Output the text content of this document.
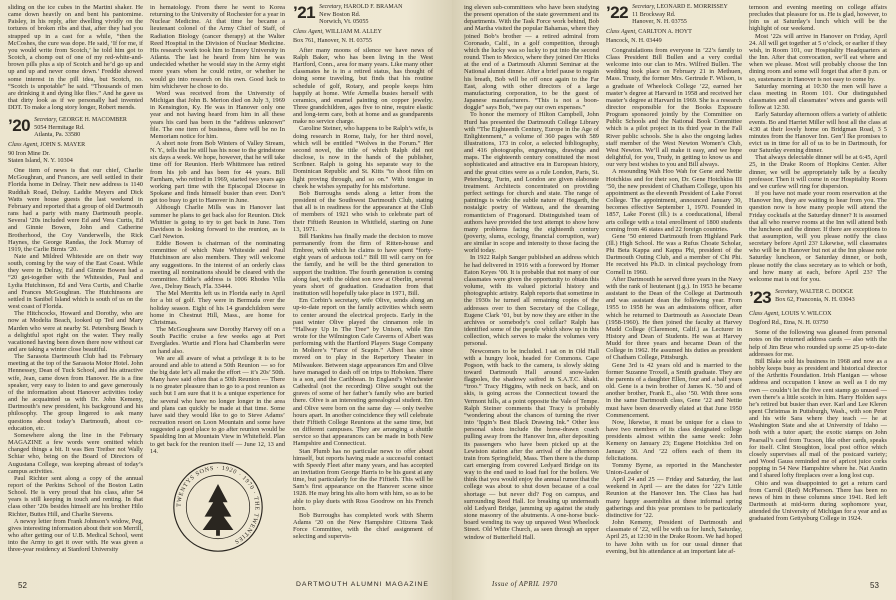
sliding on the ice cubes in the Martini shaker. He came down heavily on and bent his pantomime. Paisley, in his reply, after dwelling vividly on the tortures of broken ribs and that, after they had you strapped up in a cast for a while, “then the McCoshes, the cure was dope. He said, ‘If for me, if you would write from Scotch,’ he told him got to Scotch, a chomp out of one of my red-white-and-brown pills plus a sip of Scotch and he’d go up and up and up and never come down.’ Freddie showed some interest in the pill idea, but Scotch, no. “Scotch is unpotable” he said. “Thousands of men are drinking it and dying like flies.” And he gave us that dirty look as if we personally had invented DDT. To make a long story longer, Robert mends.

’20 Secretary, GEORGE H. MACOMBER
5054 Hermitage Rd.
Atlanta, Pa. 33580
Class Agent, JOHN S. MAYER
90 Iron Mine Dr.
Staten Island, N. Y. 10304

One item of news is that our chief, Charlie McGoughran, and Frances, are well settled in their Florida home in Delray. Their new address is 1140 Ruddiah Road, Delray. Laddie Meyers and Dick Watts were house guests the last weekend in February and reported that a group of old Dartmouth rans had a party with many Dartmouth people. Several ’20s included were Ed and Vera Curtis, Ed and Ginnie Bowen, John and Catherine Brotherhood, the Coy Vanderwells, the Rick Haynes, the George Randas, the Jock Murray of 1919, the Carlie Birnts ’20.

Nate and Mildred Whiteside are on their way south, coming by the way of the East Coast. While they were in Delray, Ed and Ginnie Bowen had a “20 get-together with the Whitesides, Paul and Lydia Hutchinson, Ed and Vera Curtis, and Charlie and Frances McGoughran. The Hutchinsons are settled in Sanibel Island which is south of us on the west coast of Florida.

The Hitchcocks, Howard and Dorothy, who are now at Modelta Beach, looked up Ted and Mary Marden who were at nearby St. Petersburg Beach is a delightful spot right on the water. They really vacationed having been down there now without car and are taking a winter close beautiful.

The Sarasota Dartmouth Club had its February meeting at the top of the Sarasota Motor Hotel. John Hennessey, Dean of Tuck School, and his attractive wife, Jean, came down from Hanover. He is a fine speaker, very easy to listen to and gave generously of the information about Hanover activities today and he acquainted us with Dr. John Kemeny, Dartmouth’s new president, his background and his philosophy. The group lingered to ask many questions about today’s Dartmouth, about co-education, etc.

Somewhere along the line in the February MAGAZINE a few words were omitted which changed things a bit. It was Ben Treiber not Wally Schiar who, being on the Board of Directors of Augustana College, was keeping abreast of today’s campus activities.

Paul Richter sent along a copy of the annual report of the Perkins School of the Boston Latin School. He is very proud that his class, after 54 years is still keeping in touch and renting. In that class other ’20s besides himself are his brother Hilo Richter, Buttes Hill, and Charlie Stevens.

A newsy letter from Frank Johnson’s widow, Peg, gives interesting information about their son Merrill, who after getting our of U.B. Medical School, went into the Army to get it over with. He was given a three-year residency at Stanford University

in hematology. From there he went to Korea returning to the University of Rochester for a year in Nuclear Medicine. At that time he became a lieutenant colonel of the Army Chief of Staff, of Radiation Biology (cancer therapy) at the Walter Reed Hospital in the Division of Nuclear Medicine. His research work took him to Emory University in Atlanta. The last he heard from him he was undecided whether he would stay in the Army eight more years when he could retire, or whether he would go into research on his own. Good luck to him whichever he chose to do.

Word was received from the University of Michigan that John B. Merion died on July 3, 1969 in Kensington, Ky. He was in Hanover only one year and not having heard from him in all these years his card has been in the “address unknown” file. The one item of business, there will be no In Memoriam notice for him.

A short note from Bob Winters of Valley Stream, N. Y., tells that he still has his nose to the grindstone six days a week. We hope, however, that he will take time off for Reunion. Herb Whittmore has retired from his job and has been for 44 years. Bill Farnham, who retired in 1969, started two years ago working part time with the Episcopal Diocese in Spokane and finds himself busier than ever. Don’t get too busy to get to Hanover in June.

Although Charlie Mills was in Hanover last summer he plans to get back also for Reunion. Dick Whittier is going to try to get back in June. Tom Davidson is looking forward to the reunion, as is Carl Newton.

Eddie Bowen is chairman of the nominating committee of which Nate Whiteside and Paul Hutchinson are also members. They will welcome any suggestions. In the interest of an orderly class meeting all nominations should be cleared with the committee. Eddie’s address is 1006 Rhodes Villa Ave., Delray Beach, Fla. 33444.

The Mel Merritts left us in Florida early in April for a bit of golf. They were in Bermuda over the holiday season. Eight of his 14 grandchildren were home in Chestnut Hill, Mass., are home for Christmas.

The McGougheans saw Dorothy Harvey off on a South Pacific cruise a few weeks ago at Port Everglades. Wurtie and Flora had Chamberlin were on hand also.

We are all aware of what a privilege it is to be around and able to attend a 50th Reunion — so for the big date let’s all make the effort — it’s 20s’ 50th. Many have said often that a 50th Reunion — There is no greater pleasure than to go to a post reunion as such but I am sure that it is a unique experience for the several who have no longer longer in the area and plans can quickly be made at that time. Some have said they would like to go to Steve Adams’ recreation resort on Loon Mountain and some have suggested a good place to go after reunion would be Spaulding Inn at Mountain View in Whitefield. Plan to get back for the reunion itself — June 12, 13 and 14.

TWENTYS SONS · 1920 · 1970 · THE TWENTIES
’21 Secretary, HAROLD F. BRAMAN
New Boston Rd.
Norwich, Vt. 05055
Class Agent, WILLIAM M. ALLEY
Box 761, Hanover, N. H. 03755

After many moons of silence we have news of Ralph Baker, who has been living in the West Hartford, Conn., area for many years. Like many other classmates he is in a retired status, has thought of doing some traveling, but finds that his routine schedule of golf, Rotary, and people keeps him happily at home. Wife Armella busies herself with ceramics, and enamel painting on copper jewelry. Three grandchildren, ages five to nine, require elastic and long-term care, both at home and as grandparents make no service charge.

Caroline Steiner, who happens to be Ralph’s wife, is doing research in Rome, Italy, for her third novel, which will be entitled “Wolves in the Forum.” Her second novel, the title of which Ralph did not disclose, is now in the hands of the publisher, Scribner. Ralph is going his separate way to the Dominican Republic and St. Kitts “to shoot film on light proving through, and so on.” With tongue in cheek he wishes sympathy for his misfortune.

Bob Burroughs sends along a letter from the president of the Southwest Dartmouth Club, stating that all is in readiness for the appearance at the Club of members of 1921 who wish to celebrate part of their Fiftieth Reunion in Whitfield, starting on June 13, 1971.

Bill Hankins has finally made the decision to move permanently from the firm of Ritten-house and Embree, with which he claims to have spent “forty-eight years of arduous toil.” Bill III will carry on for the family, and he will be the third generation to support the tradition. The fourth generation is coming along fast, with the oldest son now at Oberlin, several years short of graduation. Graduation from that institution will hopefully take place in 1971, Bill.

Em Corbin’s secretary, wife Olive, sends along an up-to-date report on the family activities which seem to center around the electrical projects. Early in the past winter Olive played the cinnamon role in “Hallway Up In The Tree” by Unison, while Em wrote for the Wilmington Cafe Caverns of Albert was performing with the Hartford Players Stage Company in Moliere’s “Farce of Scapin.” Albert has since moved on to play in the Repertory Theater in Milwaukee. Between stage appearances Em and Olive have managed to dash off on trips to Hoboken. There is a son, and the Caribbean. In England’s Winchester Cathedral (not the recording) Olive sought out the graves of some of her father’s family who are buried there. Olive is an interesting genealogical student. Em and Olive were born on the same day — only twelve hours apart. In another coincidence they will celebrate their Fiftieth College Reunions at the same time, but on different campuses. They are arranging a shuttle service so that appearances can be made in both New Hampshire and Connecticut.

Stan Plumb has no particular news to offer about himself, but reports having made a successful contact with Speedy Fleet after many years, and has accepted an invitation from George Harris to be his guest at any time, but particularly for the the Fiftieth. This will be Sam’s first appearance on the Hanover scene since 1928. He may bring his alto horn with him, so as to be able to play duets with Ross Goodrow on his French horn.

Bob Burroughs has completed work with Sherm Adams ’20 on the New Hampshire Citizens Task Force Committee, with the chief assignment of selecting and supervis-

52	DARTMOUTH ALUMNI MAGAZINE

ing eleven sub-committees who have been studying the present operation of the state government and its departments. With the Task Force work behind, Bob and Martha visited the popular Bahamas, where they joined Bob’s brother — a retired admiral from Coronado, Calif., in a golf competition, through which the lucky was so lucky to put into the second round. Then to Mexico, where they joined Orr Hicks at the end of a Dartmouth Alumni Seminar at the National alumni dinner. After a brief pause to regain his breath, Bob will be off once again to the Far East, along with other directors of a large manufacturing corporation, to be the guest of Japanese manufacturers. “This is not a boon-doggle” says Bob, “we pay our own expenses.”

To honor the memory of Hilton Campbell, John Hurd has presented the Dartmouth College Library with “The Eighteenth Century, Europe in the Age of Enlightenment,” a volume of 360 pages with 589 illustrations, 173 in color, a selected bibliography, and 416 photographs, engravings, drawings and maps. The eighteenth century constituted the most sophisticated and attractive era in European history, and the great cities were as a rule London, Paris, St. Petersburg, Turin, and London are given elaborate treatment. Architects concentrated on providing perfect settings for church and state. The range of paintings is wide: the subtle nature of Hogarth, the nostalgic poetry of Watteau, and the dreaming romanticism of Fragonard. Distinguished team of authors have provided the text attempt to show how many problems facing the eighteenth century (poverty, slums, ecology, financial corruption, war) are similar in scope and intensity to those facing the world today.

In 1922 Ralph Sanger published an address which he had delivered in 1916 with a foreword by Homer Eaton Keyes ’00. It is probable that not many of our classmates were given the opportunity to obtain this volume, with its valued pictorial history and photographic artistry. Ralph reports that sometime in the 1930s he turned all remaining copies of the addresses over to then Secretary of the College, Eugene Clark ’01, but by now they are either in the archives or somebody’s cool cellar? Ralph has identified some of the people which show up in this collection, which serves to make the volumes very personal.

Newcomers to be included. I sat on in Old Hall with a hungry look, headed for Commons. Cape Pogson, with back to the camera, is slowly skiing toward Dartmouth Hall around snow-laden flagpoles, the shadowy ssifred in S.A.T.C. khaki. “troo.” Tracy Higgins, with neck on back, and on skis, is going across the Connecticut toward the Vermont hills, at a point opposite the Vale of Tempe. Ralph Steiner comments that Tracy is probably “wondering about the chances of turning the river into ‘Ipgin’s Best Black Drawing Ink.” Other less personal shots include the horse-drawn coach pulling away from the Hanover Inn, after depositing its passengers who have been picked up at the Lewiston station after the arrival of the afternoon train from Springfield, Mass. Then there is the dump cart emerging from covered Ledyard Bridge on its way to the end used to load fuel for the boilers. We think that you would enjoy the annual rumor that the college was about to shut down because of a coal shortage — but never did? Fog on campus, and surrounding Reed Hall. Ice breaking up underneath old Ledyard Bridge, jamming up against the study stone masonry of the abutments. A one-horse buck-board wending its way up unpaved West Wheelock Street. Old White Church, as seen through an upper window of Butterfield Hall.

’22 Secretary, LEONARD E. MORRISSEY
11 Brockway Rd.
Hanover, N. H. 03755
Class Agent, CARLTON A. HOYT
Hancock, N. H. 03449

Congratulations from everyone in ’22’s family to Class President Bill Bullen and a very cordial welcome into our clan to Mrs. Wilfred Bullen. The wedding took place on February 21 in Methuen, Mass. Trusty, the former Mrs. Gertrude F. Wilson, is a graduate of Wheelock College ’22, earned her master’s degree at Harvard in 1958 and received her master’s degree at Harvard in 1969. She is a research director responsible for the Books Exposure Program sponsored jointly by the Committee on Public Schools and the National Book Committee which is a pilot project in its third year in the Fall River public schools. She is also the ongoing ladies staff member of the West Newton Women’s Club, West Newton. We’ll all make it easy, and we hope delightful, for you, Trudy, in getting to know us and our very best wishes to you and Bill always.

A resounding Wah Hoo Wah for Gene and Nettie Hotchkiss and for their son, Dr. Gene Hotchkiss III ’50, the new president of Chatham College, upon his appointment as the eleventh President of Lake Forest College. The appointment, announced January 30, becomes effective September 1, 1970. Founded in 1857, Lake Forest (Ill.) is a coeducational, liberal arts college with a total enrollment of 1800 students coming from 46 states and 22 foreign countries.

Gene ’50 entered Dartmouth from Highland Park (Ill.) High School. He was a Rufus Choate Scholar, Phi Beta Kappa and Kappa Phi, president of the Dartmouth Outing Club, and a member of Chi Phi. He received his Ph.D. in clinical psychology from Cornell in 1960.

After Dartmouth he served three years in the Navy with the rank of lieutenant (j.g.). In 1953 he became assistant to the Dean of the College at Dartmouth and was assistant dean the following year. From 1955 to 1958 he was an admissions officer, after which he returned to Dartmouth as Associate Dean (1958-1960). He then joined the faculty at Harvey Mudd College (Claremont, Calif.) as Lecturer in History and Dean of Students. He was at Harvey Mudd for three years and became Dean of the College in 1962. He assumed his duties as president of Chatham College, Pittsburgh.

Gene 3rd is 42 years old and is married to the former Suzanne Troxell, a Smith graduate. They are the parents of a daughter Ellen, four and a half years old. Gene is a twin brother of James K. ’50 and of another brother, Frank E., also ’50. With three sons in the same Dartmouth class, Gene ’22 and Nettie must have been deservedly elated at that June 1950 Commencement.

Now, likewise, it must be unique for a class to have two members of its class designated college presidents almost within the same week: John Kemeny on January 23; Eugene Hotchkiss 3rd on January 30. And ’22 offers each of them its felicitations.

Tommy Byrne, as reported in the Manchester Union-Leader of

April 24 and 25 — Friday and Saturday, the last weekend in April — are the dates for ’22’s Little Reunion at the Hanover Inn. The Class has had many happy assemblies at these informal spring gatherings and this year promises to be particularly distinctive for ’22.

John Kemeny, President of Dartmouth and classmate of ’22, will be with us for lunch, Saturday, April 25, at 12:30 in the Drake Room. We had hoped to have John with us for our usual dinner that evening, but his attendance at an important late af-

ternoon and evening meeting on college affairs precludes that pleasure for us. He is glad, however, to join us at Saturday’s lunch which will be the highlight of our weekend.

Most ’22s will arrive in Hanover on Friday, April 24. All will get together at 5 o’clock, or earlier if they wish, in Room 101, our Hospitality Headquarters at the Inn. After that convocation, we’ll eat where and when we please. Most will probably choose the Inn dining room and some will forget that after 8 p.m. or so, sustenance in Hanover is not easy to come by.

Saturday morning at 10:30 the men will have a class meeting in Room 101. Our distinguished classmates and all classmates’ wives and guests will follow at 12:30.

Early Saturday afternoon offers a variety of athletic events. Bo and Harriet Miller will host all the class at 4:30 at their lovely home on Bridgman Road, 3 5 minutes from the Hanover Inn. Gen’l Ike promises to evict us in time for all of us to be in Dartmouth, for our Saturday evening dinner.

That always delectable dinner will be at 6:45, April 25, in the Drake Room of Hopkins Center. After dinner, we will be appropriately talk by a faculty professor. Then it will come in our Hospitality Room and we curfew will ring for dispersion.

If you have not made your room reservation at the Hanover Inn, they are waiting to hear from you. The question now is how many people will attend the Friday cocktails at the Saturday dinner? It is assumed that all who reserve rooms at the Inn will attend both the luncheon and the dinner. If there are exceptions to that assumption, will you please notify the class secretary before April 23? Likewise, will classmates who will be in Hanover but not at the Inn please note Saturday luncheon, or Saturday dinner, or both, please notify the class secretary as to which or both, and how many at each, before April 23? The welcome mat is out for you.

’23 Secretary, WALTER C. DODGE
Box 62, Franconia, N. H. 03043
Class Agent, LOUIS V. WILCOX
Dogford Rd., Etna, N. H. 03750

Some of the following was gleaned from personal notes on the returned address cards — also with the help of Jim Brue who rounded up some 25 up-to-date addresses for me.

Bill Blake sold his business in 1968 and now as a hobby keeps busy as president and historical director of the Arthritis Foundation. Irish Flanigan — whose address and occupation I know as well as I do my own — couldn’t let the five cent stamp go unused — even there’s a little scotch in him. Harry Holden says he’s retired but busier than ever. Karl and Lee Kleren spent Christmas in Puttsburgh, Wash., with son Peter and his wife Sara where they teach — he at Washington State and she at University of Idaho — both with a tutor apart; the exotic stamps on John Pearsall’s card from Tucson, like other cards, speaks for itself. Clint Stoughton, local post office which closely supervises all mail of the postcard variety; and Wood Gauss reminded me of apricot juice corks popping in 54 New Hampshire where he. Nat Austin and I shared lofty fireplaces over a long lost cup.

Ohio and was disappointed to get a return card from Carroll (Red) McPherson. There has been no news of him in these columns since 1941. Red left Dartmouth at mid-term during sophomore year, attended the University of Michigan for a year and as graduated from Gettysburg College in 1924.

Issue of APRIL 1970	53
